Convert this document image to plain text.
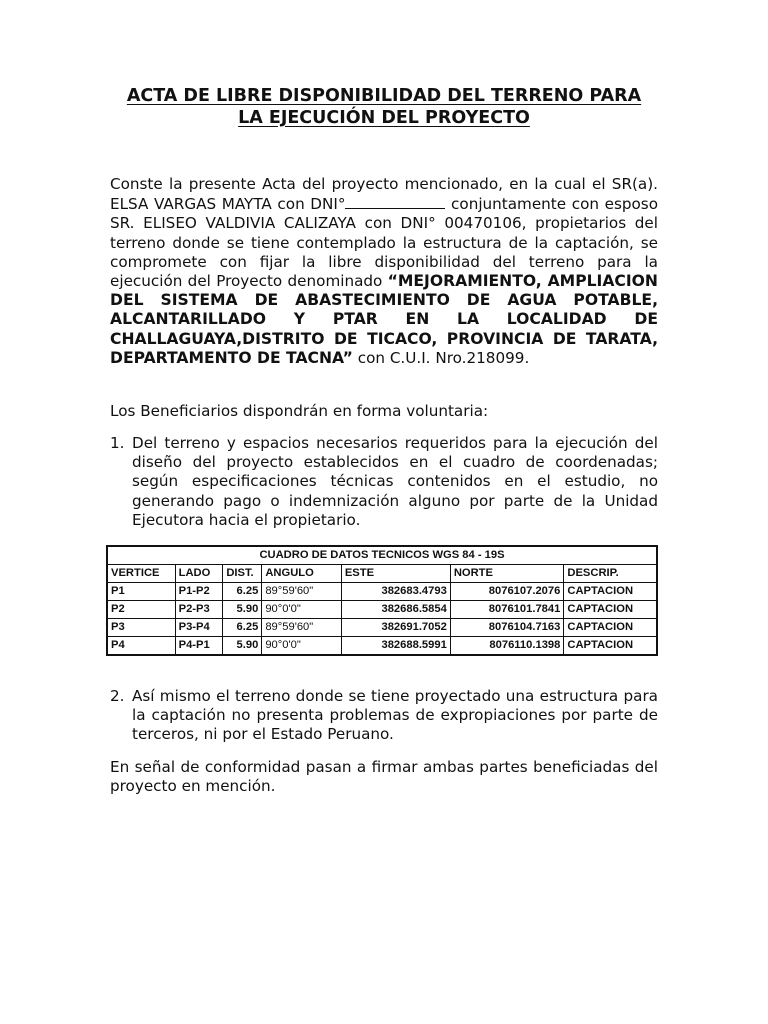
ACTA DE LIBRE DISPONIBILIDAD DEL TERRENO PARA
LA EJECUCIÓN DEL PROYECTO
Conste la presente Acta del proyecto mencionado, en la cual el SR(a). ELSA VARGAS MAYTA con DNI°	conjuntamente con esposo SR. ELISEO VALDIVIA CALIZAYA con DNI° 00470106, propietarios del terreno donde se tiene contemplado la estructura de la captación, se compromete con fijar la libre disponibilidad del terreno para la ejecución del Proyecto denominado “MEJORAMIENTO, AMPLIACION DEL SISTEMA DE ABASTECIMIENTO DE AGUA POTABLE, ALCANTARILLADO Y PTAR EN LA LOCALIDAD DE CHALLAGUAYA,DISTRITO DE TICACO, PROVINCIA DE TARATA, DEPARTAMENTO DE TACNA” con C.U.I. Nro.218099.
Los Beneficiarios dispondrán en forma voluntaria:
1. Del terreno y espacios necesarios requeridos para la ejecución del diseño del proyecto establecidos en el cuadro de coordenadas; según especificaciones técnicas contenidos en el estudio, no generando pago o indemnización alguno por parte de la Unidad Ejecutora hacia el propietario.
CUADRO DE DATOS TECNICOS WGS 84 - 19S						
VERTICE	LADO	DIST.	ANGULO	ESTE	NORTE	DESCRIP.
P1	P1-P2	6.25	89°59'60"	382683.4793	8076107.2076	CAPTACION
P2	P2-P3	5.90	90°0'0"	382686.5854	8076101.7841	CAPTACION
P3	P3-P4	6.25	89°59'60"	382691.7052	8076104.7163	CAPTACION
P4	P4-P1	5.90	90°0'0"	382688.5991	8076110.1398	CAPTACION
2. Así mismo el terreno donde se tiene proyectado una estructura para la captación no presenta problemas de expropiaciones por parte de terceros, ni por el Estado Peruano.
En señal de conformidad pasan a firmar ambas partes beneficiadas del proyecto en mención.
